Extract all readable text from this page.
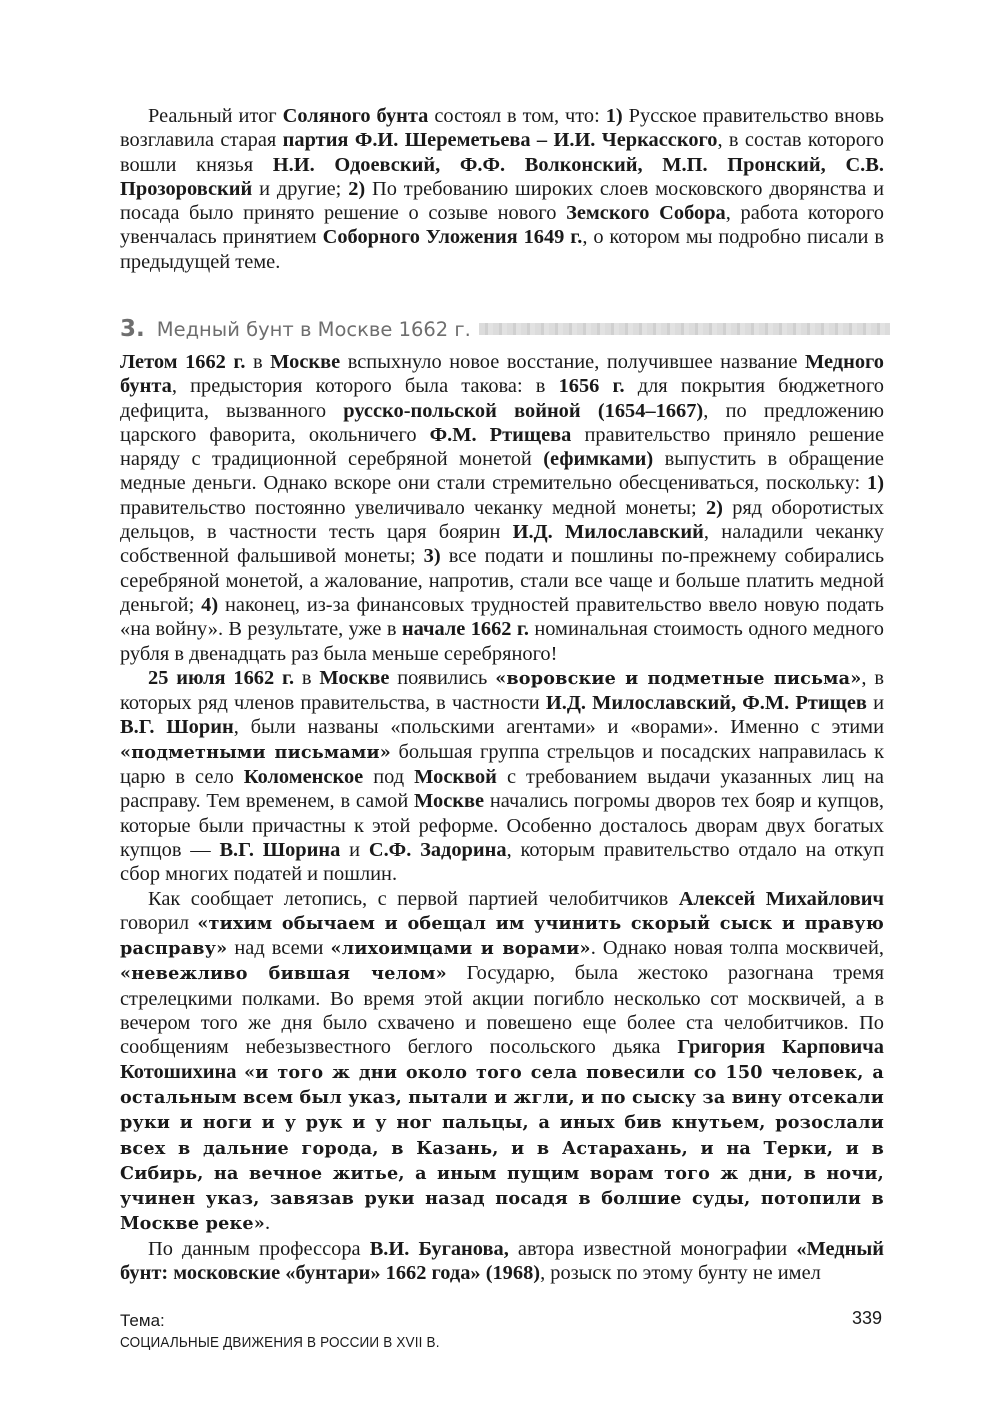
Реальный итог Соляного бунта состоял в том, что: 1) Русское правительство вновь возглавила старая партия Ф.И. Шереметьева – И.И. Черкасского, в состав которого вошли князья Н.И. Одоевский, Ф.Ф. Волконский, М.П. Пронский, С.В. Прозоровский и другие; 2) По требованию широких слоев московского дворянства и посада было принято решение о созыве нового Земского Собора, работа которого увенчалась принятием Соборного Уложения 1649 г., о котором мы подробно писали в предыдущей теме.

3. Медный бунт в Москве 1662 г.

Летом 1662 г. в Москве вспыхнуло новое восстание, получившее название Медного бунта, предыстория которого была такова: в 1656 г. для покрытия бюджетного дефицита, вызванного русско-польской войной (1654–1667), по предложению царского фаворита, окольничего Ф.М. Ртищева правительство приняло решение наряду с традиционной серебряной монетой (ефимками) выпустить в обращение медные деньги. Однако вскоре они стали стремительно обесцениваться, поскольку: 1) правительство постоянно увеличивало чеканку медной монеты; 2) ряд оборотистых дельцов, в частности тесть царя боярин И.Д. Милославский, наладили чеканку собственной фальшивой монеты; 3) все подати и пошлины по-прежнему собирались серебряной монетой, а жалование, напротив, стали все чаще и больше платить медной деньгой; 4) наконец, из-за финансовых трудностей правительство ввело новую подать «на войну». В результате, уже в начале 1662 г. номинальная стоимость одного медного рубля в двенадцать раз была меньше серебряного!

25 июля 1662 г. в Москве появились «воровские и подметные письма», в которых ряд членов правительства, в частности И.Д. Милославский, Ф.М. Ртищев и В.Г. Шорин, были названы «польскими агентами» и «ворами». Именно с этими «подметными письмами» большая группа стрельцов и посадских направилась к царю в село Коломенское под Москвой с требованием выдачи указанных лиц на расправу. Тем временем, в самой Москве начались погромы дворов тех бояр и купцов, которые были причастны к этой реформе. Особенно досталось дворам двух богатых купцов — В.Г. Шорина и С.Ф. Задорина, которым правительство отдало на откуп сбор многих податей и пошлин.

Как сообщает летопись, с первой партией челобитчиков Алексей Михайлович говорил «тихим обычаем и обещал им учинить скорый сыск и правую расправу» над всеми «лихоимцами и ворами». Однако новая толпа москвичей, «невежливо бившая челом» Государю, была жестоко разогнана тремя стрелецкими полками. Во время этой акции погибло несколько сот москвичей, а в вечером того же дня было схвачено и повешено еще более ста челобитчиков. По сообщениям небезызвестного беглого посольского дьяка Григория Карповича Котошихина «и того ж дни около того села повесили со 150 человек, а остальным всем был указ, пытали и жгли, и по сыску за вину отсекали руки и ноги и у рук и у ног пальцы, а иных бив кнутьем, розослали всех в дальние города, в Казань, и в Астарахань, и на Терки, и в Сибирь, на вечное житье, а иным пущим ворам того ж дни, в ночи, учинен указ, завязав руки назад посадя в болшие суды, потопили в Москве реке».

По данным профессора В.И. Буганова, автора известной монографии «Медный бунт: московские «бунтари» 1662 года» (1968), розыск по этому бунту не имел

Тема:
СОЦИАЛЬНЫЕ ДВИЖЕНИЯ В РОССИИ В XVII В.
339
